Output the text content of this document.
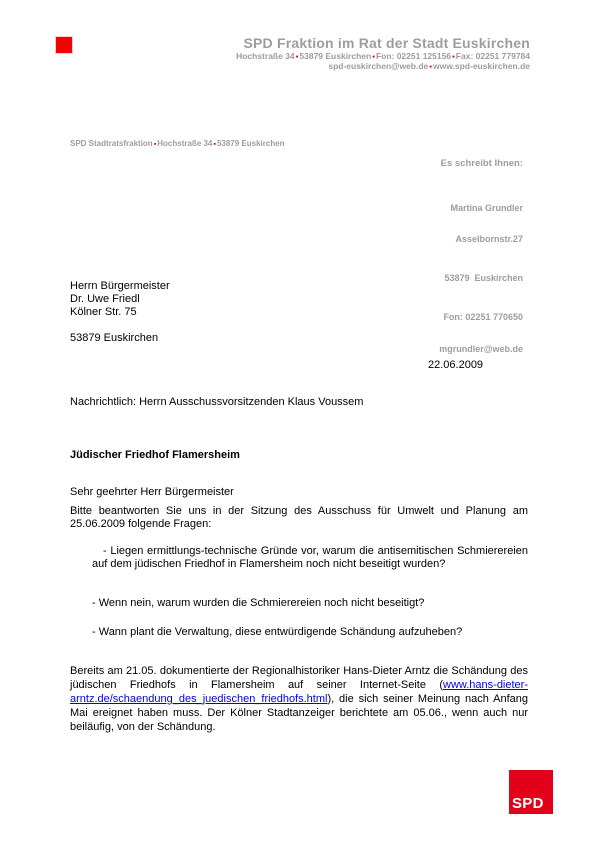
SPD Fraktion im Rat der Stadt Euskirchen
Hochstraße 34▪53879 Euskirchen▪Fon: 02251 125156▪Fax: 02251 779784
spd-euskirchen@web.de▪www.spd-euskirchen.de
SPD Stadtratsfraktion▪Hochstraße 34▪53879 Euskirchen

Es schreibt Ihnen:

Martina Grundler

Asselbornstr.27

53879  Euskirchen

Fon: 02251 770650

mgrundler@web.de

Herrn Bürgermeister
Dr. Uwe Friedl
Kölner Str. 75
53879 Euskirchen
22.06.2009
Nachrichtlich: Herrn Ausschussvorsitzenden Klaus Voussem
Jüdischer Friedhof Flamersheim
Sehr geehrter Herr Bürgermeister
Bitte beantworten Sie uns in der Sitzung des Ausschuss für Umwelt und Planung am 25.06.2009 folgende Fragen:
- Liegen ermittlungs-technische Gründe vor, warum die antisemitischen Schmierereien auf dem jüdischen Friedhof in Flamersheim noch nicht beseitigt wurden?
- Wenn nein, warum wurden die Schmierereien noch nicht beseitigt?
- Wann plant die Verwaltung, diese entwürdigende Schändung aufzuheben?
Bereits am 21.05. dokumentierte der Regionalhistoriker Hans-Dieter Arntz die Schändung des jüdischen Friedhofs in Flamersheim auf seiner Internet-Seite (www.hans-dieter-arntz.de/schaendung_des_juedischen_friedhofs.html), die sich seiner Meinung nach Anfang Mai ereignet haben muss. Der Kölner Stadtanzeiger berichtete am 05.06., wenn auch nur beiläufig, von der Schändung.
SPD
